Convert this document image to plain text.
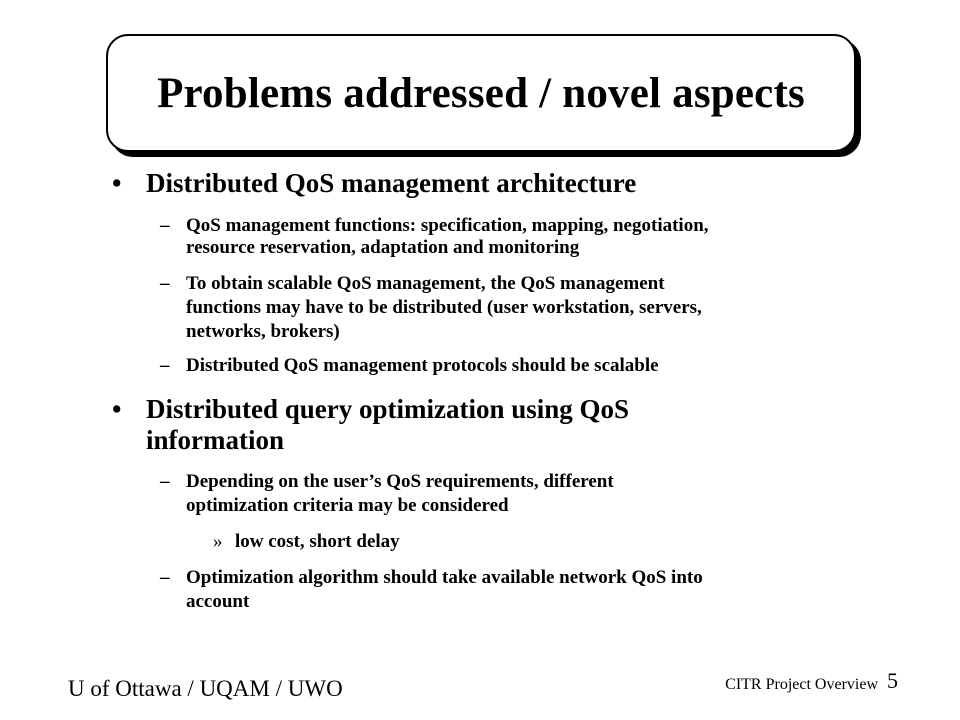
Problems addressed / novel aspects
• Distributed QoS management architecture
– QoS management functions: specification, mapping, negotiation,
resource reservation, adaptation and monitoring
– To obtain scalable QoS management, the QoS management
functions may have to be distributed (user workstation, servers,
networks, brokers)
– Distributed QoS management protocols should be scalable
• Distributed query optimization using QoS
information
– Depending on the user’s QoS requirements, different
optimization criteria may be considered
» low cost, short delay
– Optimization algorithm should take available network QoS into
account
U of Ottawa / UQAM / UWO	CITR Project Overview 5
